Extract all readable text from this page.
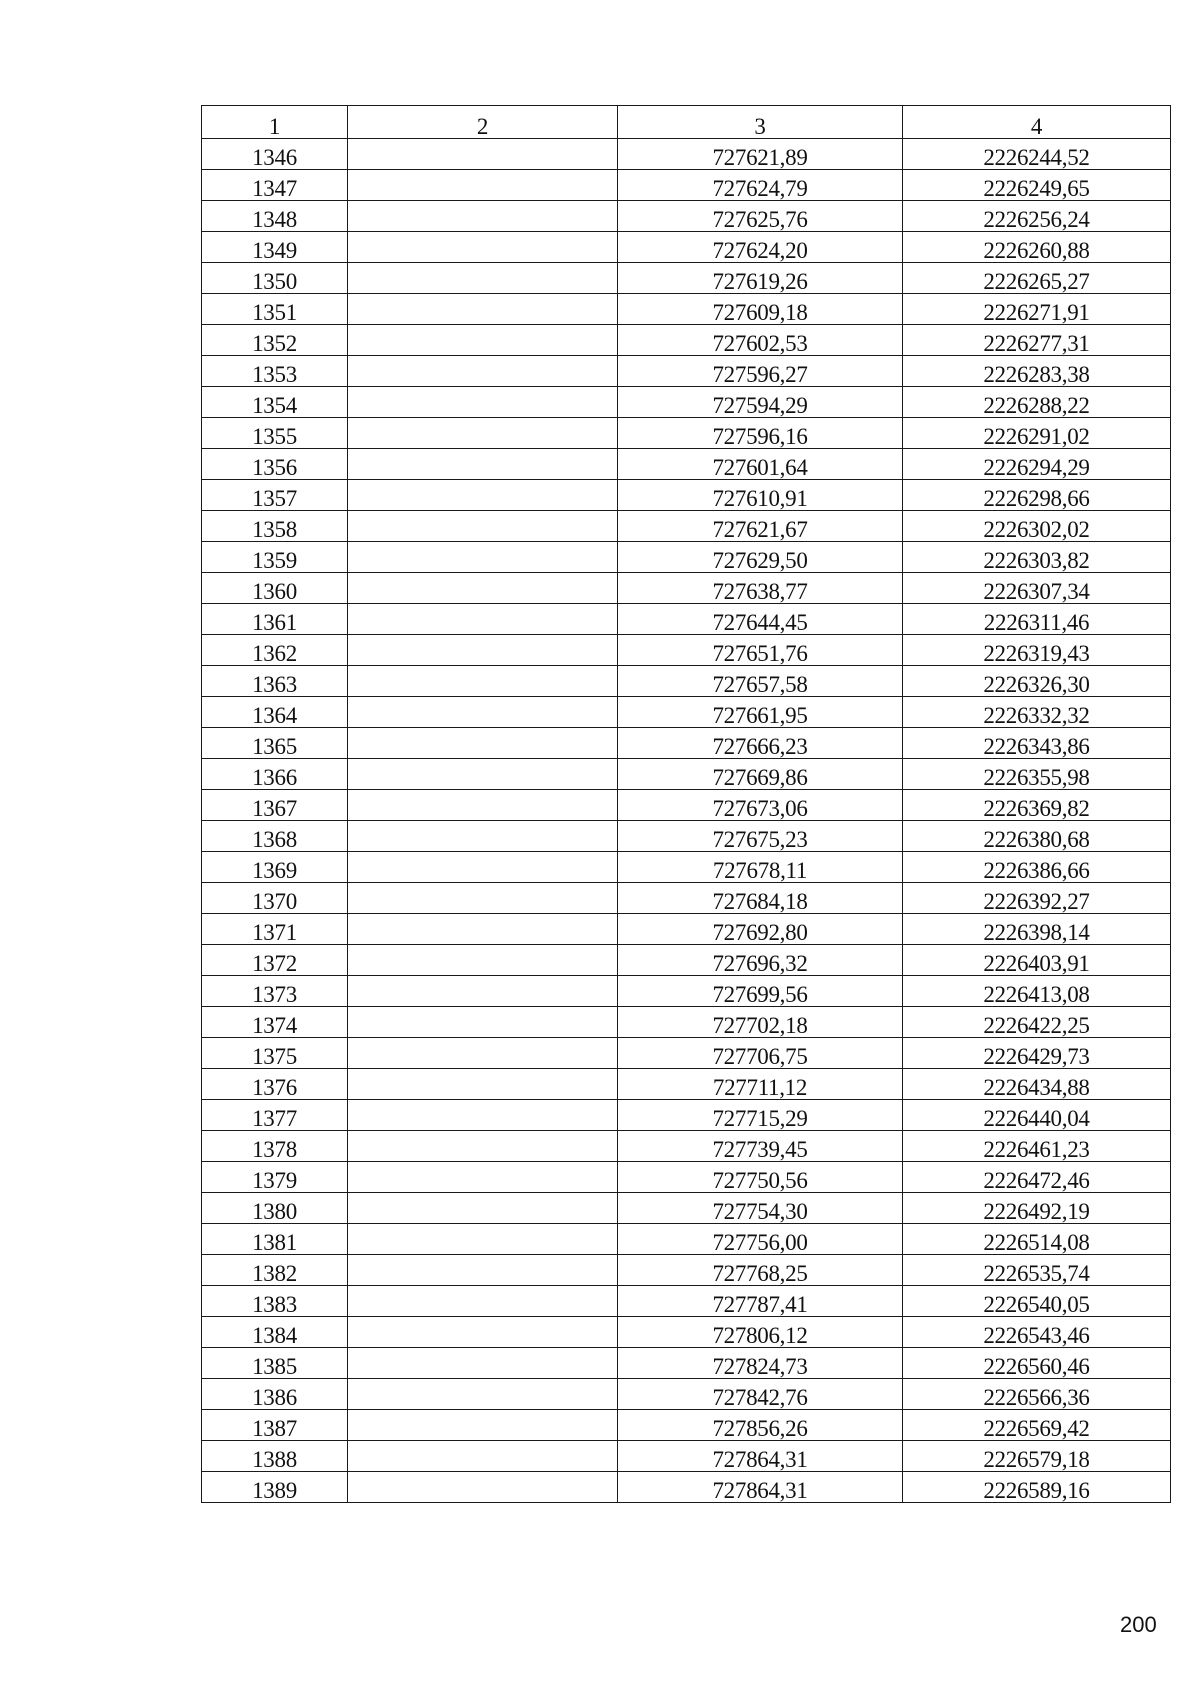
1	2	3	4
1346		727621,89	2226244,52
1347		727624,79	2226249,65
1348		727625,76	2226256,24
1349		727624,20	2226260,88
1350		727619,26	2226265,27
1351		727609,18	2226271,91
1352		727602,53	2226277,31
1353		727596,27	2226283,38
1354		727594,29	2226288,22
1355		727596,16	2226291,02
1356		727601,64	2226294,29
1357		727610,91	2226298,66
1358		727621,67	2226302,02
1359		727629,50	2226303,82
1360		727638,77	2226307,34
1361		727644,45	2226311,46
1362		727651,76	2226319,43
1363		727657,58	2226326,30
1364		727661,95	2226332,32
1365		727666,23	2226343,86
1366		727669,86	2226355,98
1367		727673,06	2226369,82
1368		727675,23	2226380,68
1369		727678,11	2226386,66
1370		727684,18	2226392,27
1371		727692,80	2226398,14
1372		727696,32	2226403,91
1373		727699,56	2226413,08
1374		727702,18	2226422,25
1375		727706,75	2226429,73
1376		727711,12	2226434,88
1377		727715,29	2226440,04
1378		727739,45	2226461,23
1379		727750,56	2226472,46
1380		727754,30	2226492,19
1381		727756,00	2226514,08
1382		727768,25	2226535,74
1383		727787,41	2226540,05
1384		727806,12	2226543,46
1385		727824,73	2226560,46
1386		727842,76	2226566,36
1387		727856,26	2226569,42
1388		727864,31	2226579,18
1389		727864,31	2226589,16
200
